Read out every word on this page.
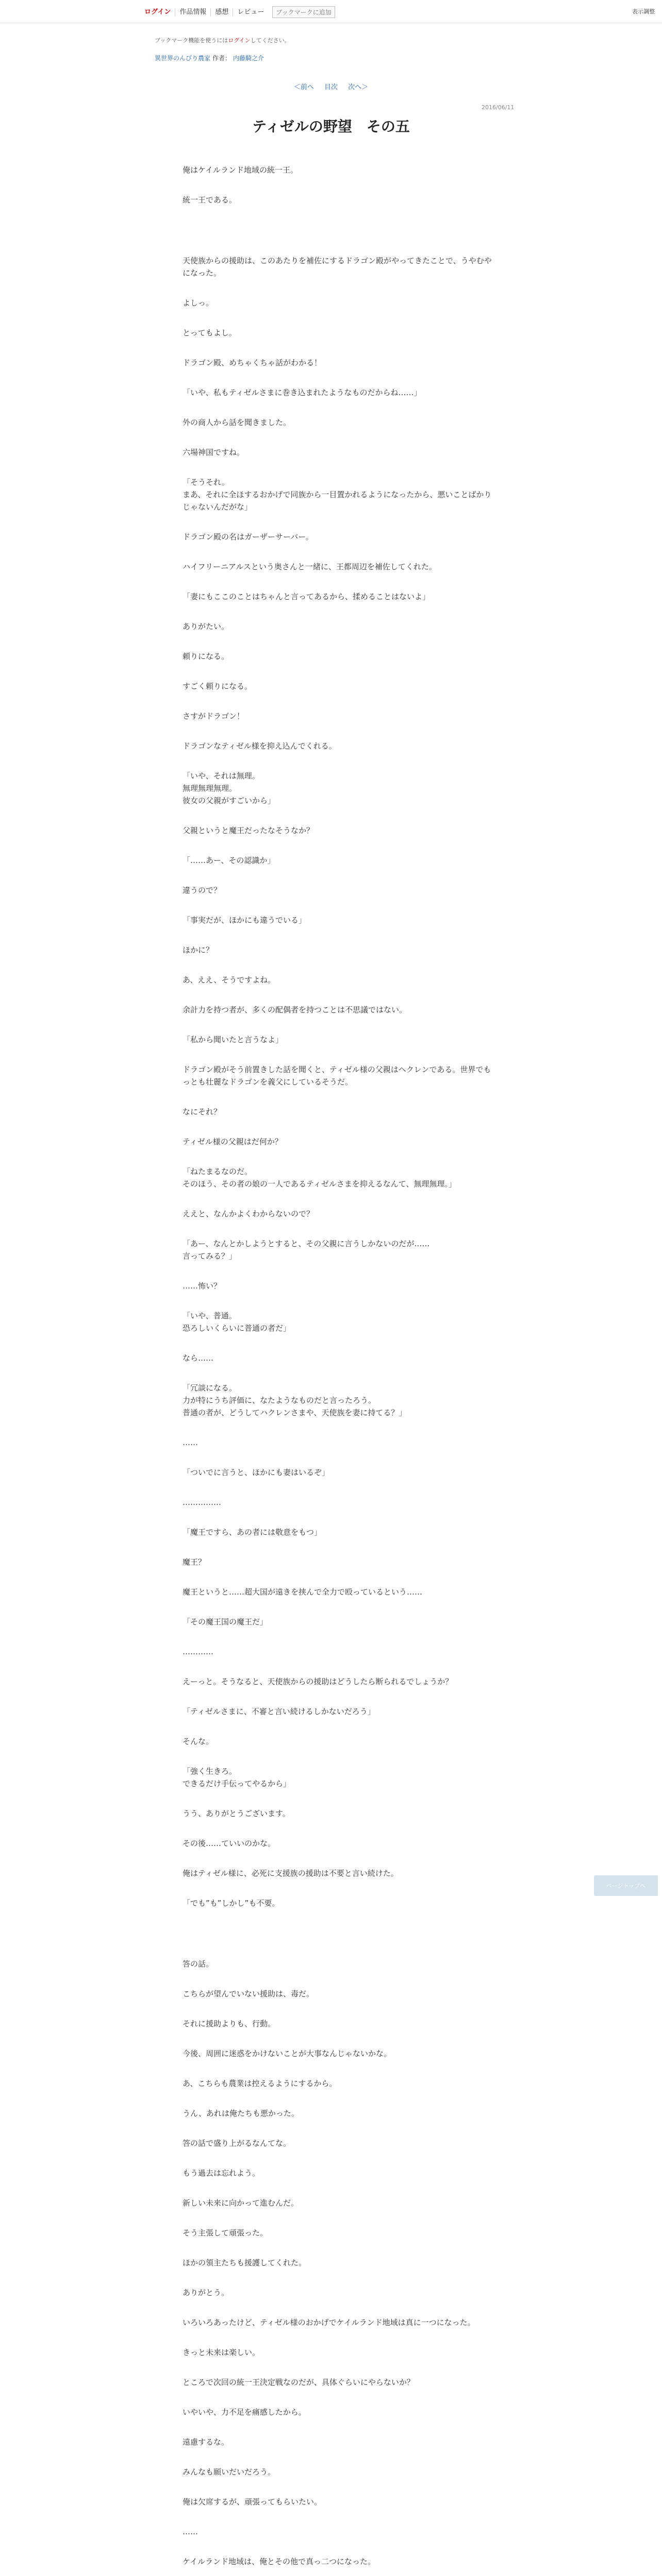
ログイン	作品情報	感想	レビュー	ブックマークに追加	表示調整
ブックマーク機能を使うにはログインしてください。
異世界のんびり農家 作者： 内藤騎之介
＜前へ 目次 次へ＞
2016/06/11
ティゼルの野望　その五
俺はケイルランド地域の統一王。
統一王である。
天使族からの援助は、このあたりを補佐にするドラゴン殿がやってきたことで、うやむやになった。
よしっ。
とってもよし。
ドラゴン殿、めちゃくちゃ話がわかる！
「いや、私もティゼルさまに巻き込まれたようなものだからね……」
外の商人から話を聞きました。
六場神国ですね。
「そうそれ。
まあ、それに全ほするおかげで同族から一目置かれるようになったから、悪いことばかりじゃないんだがな」
ドラゴン殿の名はガーザーサーバー。
ハイフリーニアルスという奥さんと一緒に、王都周辺を補佐してくれた。
「妻にもここのことはちゃんと言ってあるから、揉めることはないよ」
ありがたい。
頼りになる。
すごく頼りになる。
さすがドラゴン！
ドラゴンなティゼル様を抑え込んでくれる。
「いや、それは無理。
無理無理無理。
彼女の父親がすごいから」
父親というと魔王だったなそうなか？
「……あー、その認識か」
違うので？
「事実だが、ほかにも違うでいる」
ほかに？
あ、ええ、そうですよね。
余計力を持つ者が、多くの配偶者を持つことは不思議ではない。
「私から聞いたと言うなよ」
ドラゴン殿がそう前置きした話を聞くと、ティゼル様の父親はヘクレンである。世界でもっとも壮麗なドラゴンを義父にしているそうだ。
なにそれ？
ティゼル様の父親はだ何か？
「ねたまるなのだ。
そのほう、その者の娘の一人であるティゼルさまを抑えるなんて、無理無理。」
ええと、なんかよくわからないので？
「あー、なんとかしようとすると、その父親に言うしかないのだが……
言ってみる？」
……怖い？
「いや、普通。
恐ろしいくらいに普通の者だ」
なら……
「冗談になる。
力が特にうち評価に、なたようなものだと言ったろう。
普通の者が、どうしてハクレンさまや、天使族を妻に持てる？」
……
「ついでに言うと、ほかにも妻はいるぞ」
……………
「魔王ですら、あの者には敬意をもつ」
魔王？
魔王というと……超大国が遠きを挟んで全力で殴っているという……
「その魔王国の魔王だ」
…………
えーっと。そうなると、天使族からの援助はどうしたら断られるでしょうか？
「ティゼルさまに、不審と言い続けるしかないだろう」
そんな。
「強く生きろ。
できるだけ手伝ってやるから」
うう、ありがとうございます。
その後……ていいのかな。
俺はティゼル様に、必死に支援族の援助は不要と言い続けた。
「でも”も”しかし”も不要。
答の話。
こちらが望んでいない援助は、毒だ。
それに援助よりも、行動。
今後、周囲に迷惑をかけないことが大事なんじゃないかな。
あ、こちらも農業は控えるようにするから。
うん、あれは俺たちも悪かった。
答の話で盛り上がるなんてな。
もう過去は忘れよう。
新しい未来に向かって進むんだ。
そう主張して頑張った。
ほかの領主たちも援護してくれた。
ありがとう。
いろいろあったけど、ティゼル様のおかげでケイルランド地域は真に一つになった。
きっと未来は楽しい。
ところで次回の統一王決定戦なのだが、具体ぐらいにやらないか？
いやいや、力不足を痛感したから。
遠慮するな。
みんなも願いだいだろう。
俺は欠席するが、頑張ってもらいたい。
……
ケイルランド地域は、俺とその他で真っ二つになった。
ページトップへ
